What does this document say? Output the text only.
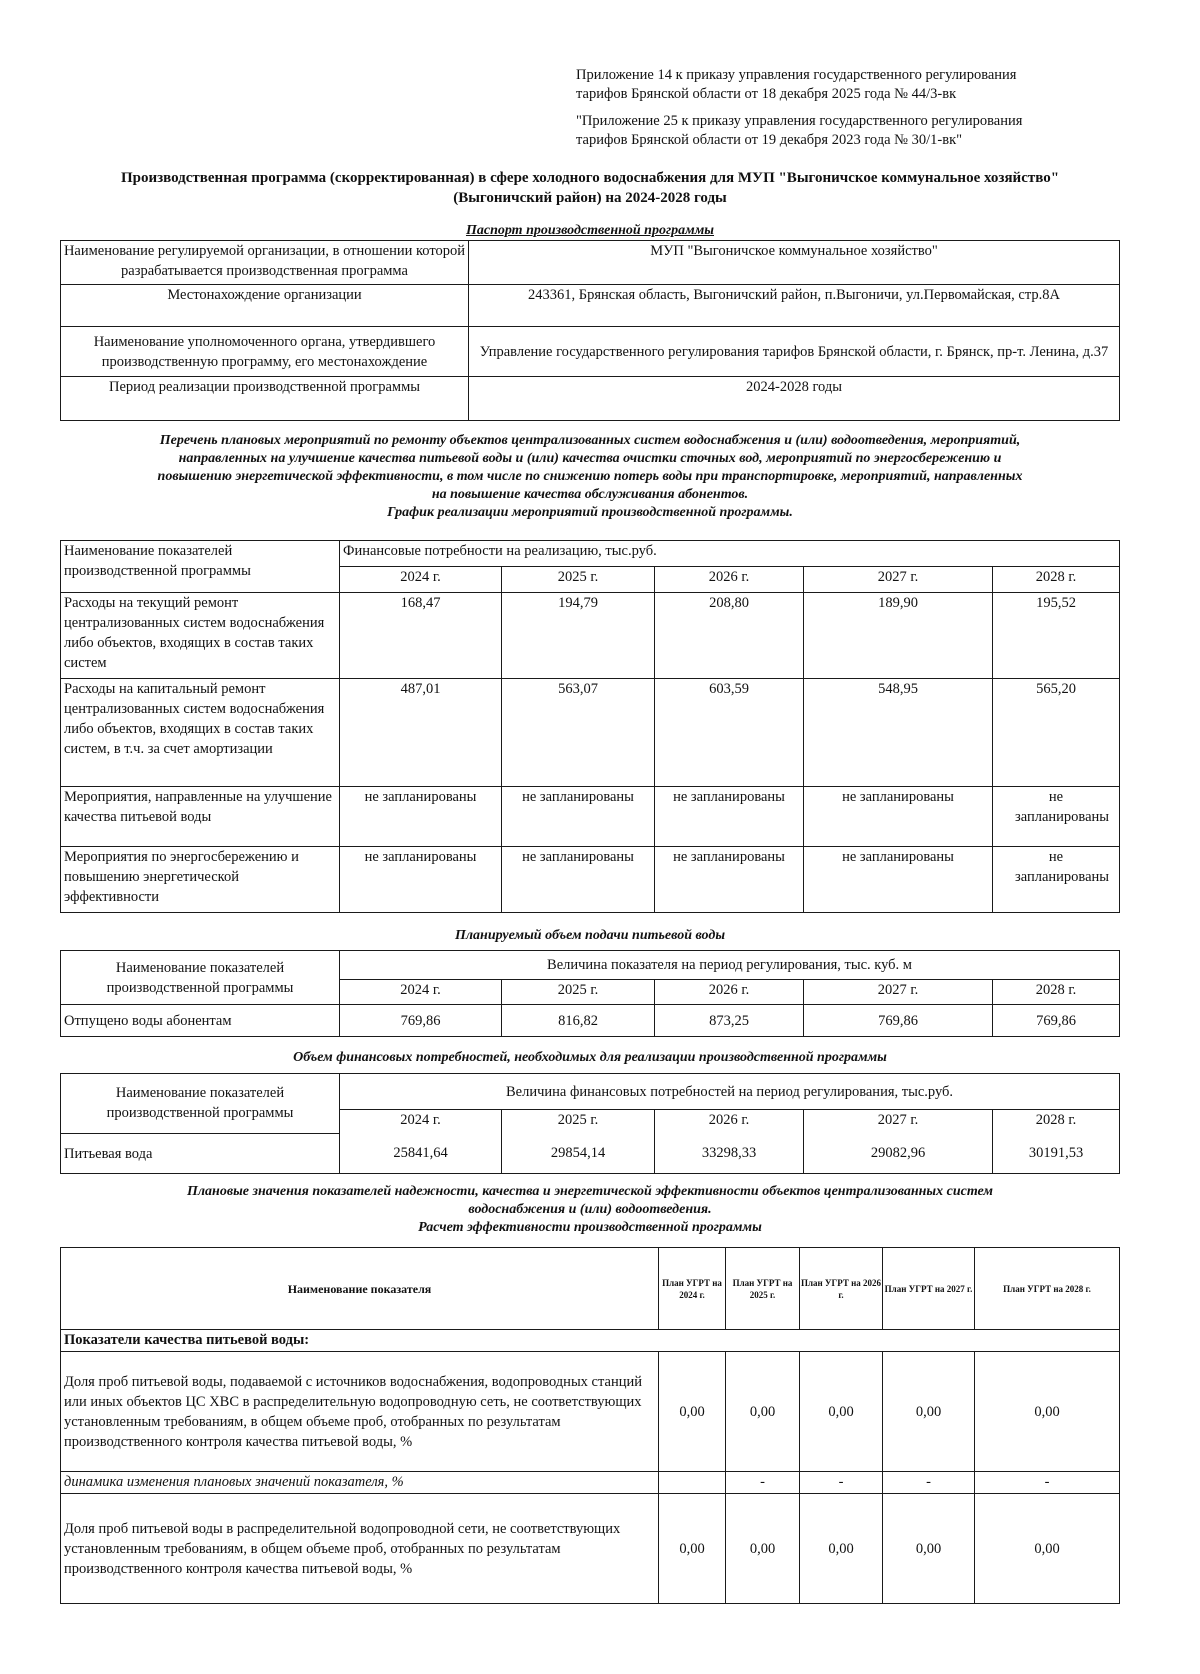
Приложение 14 к приказу управления государственного регулирования
тарифов Брянской области от 18 декабря 2025 года № 44/3-вк
"Приложение 25 к приказу управления государственного регулирования
тарифов Брянской области от 19 декабря 2023 года № 30/1-вк"
Производственная программа (скорректированная) в сфере холодного водоснабжения для МУП "Выгоничское коммунальное хозяйство"
(Выгоничский район) на 2024-2028 годы
Паспорт производственной программы
Наименование регулируемой организации, в отношении которой разрабатывается производственная программа	МУП "Выгоничское коммунальное хозяйство"
Местонахождение организации	243361, Брянская область, Выгоничский район, п.Выгоничи, ул.Первомайская, стр.8А
Наименование уполномоченного органа, утвердившего производственную программу, его местонахождение	Управление государственного регулирования тарифов Брянской области, г. Брянск, пр-т. Ленина, д.37
Период реализации производственной программы	2024-2028 годы
Перечень плановых мероприятий по ремонту объектов централизованных систем водоснабжения и (или) водоотведения, мероприятий,
направленных на улучшение качества питьевой воды и (или) качества очистки сточных вод, мероприятий по энергосбережению и
повышению энергетической эффективности, в том числе по снижению потерь воды при транспортировке, мероприятий, направленных
на повышение качества обслуживания абонентов.
График реализации мероприятий производственной программы.
Наименование показателей производственной программы	Финансовые потребности на реализацию, тыс.руб.				
	2024 г.	2025 г.	2026 г.	2027 г.	2028 г.
Расходы на текущий ремонт централизованных систем водоснабжения либо объектов, входящих в состав таких систем	168,47	194,79	208,80	189,90	195,52
Расходы на капитальный ремонт централизованных систем водоснабжения либо объектов, входящих в состав таких систем, в т.ч. за счет амортизации	487,01	563,07	603,59	548,95	565,20
Мероприятия, направленные на улучшение качества питьевой воды	не запланированы	не запланированы	не запланированы	не запланированы	не запланированы
Мероприятия по энергосбережению и повышению энергетической эффективности	не запланированы	не запланированы	не запланированы	не запланированы	не запланированы
Планируемый объем подачи питьевой воды
Наименование показателей производственной программы	Величина показателя на период регулирования, тыс. куб. м				
	2024 г.	2025 г.	2026 г.	2027 г.	2028 г.
Отпущено воды абонентам	769,86	816,82	873,25	769,86	769,86
Объем финансовых потребностей, необходимых для реализации производственной программы
Наименование показателей производственной программы	Величина финансовых потребностей на период регулирования, тыс.руб.				
	2024 г.	2025 г.	2026 г.	2027 г.	2028 г.
Питьевая вода	25841,64	29854,14	33298,33	29082,96	30191,53
Плановые значения показателей надежности, качества и энергетической эффективности объектов централизованных систем
водоснабжения и (или) водоотведения.
Расчет эффективности производственной программы
Наименование показателя	План УГРТ на 2024 г.	План УГРТ на 2025 г.	План УГРТ на 2026 г.	План УГРТ на 2027 г.	План УГРТ на 2028 г.
Показатели качества питьевой воды:					
Доля проб питьевой воды, подаваемой с источников водоснабжения, водопроводных станций или иных объектов ЦС ХВС в распределительную водопроводную сеть, не соответствующих установленным требованиям, в общем объеме проб, отобранных по результатам производственного контроля качества питьевой воды, %	0,00	0,00	0,00	0,00	0,00
динамика изменения плановых значений показателя, %		-	-	-	-
Доля проб питьевой воды в распределительной водопроводной сети, не соответствующих установленным требованиям, в общем объеме проб, отобранных по результатам производственного контроля качества питьевой воды, %	0,00	0,00	0,00	0,00	0,00
